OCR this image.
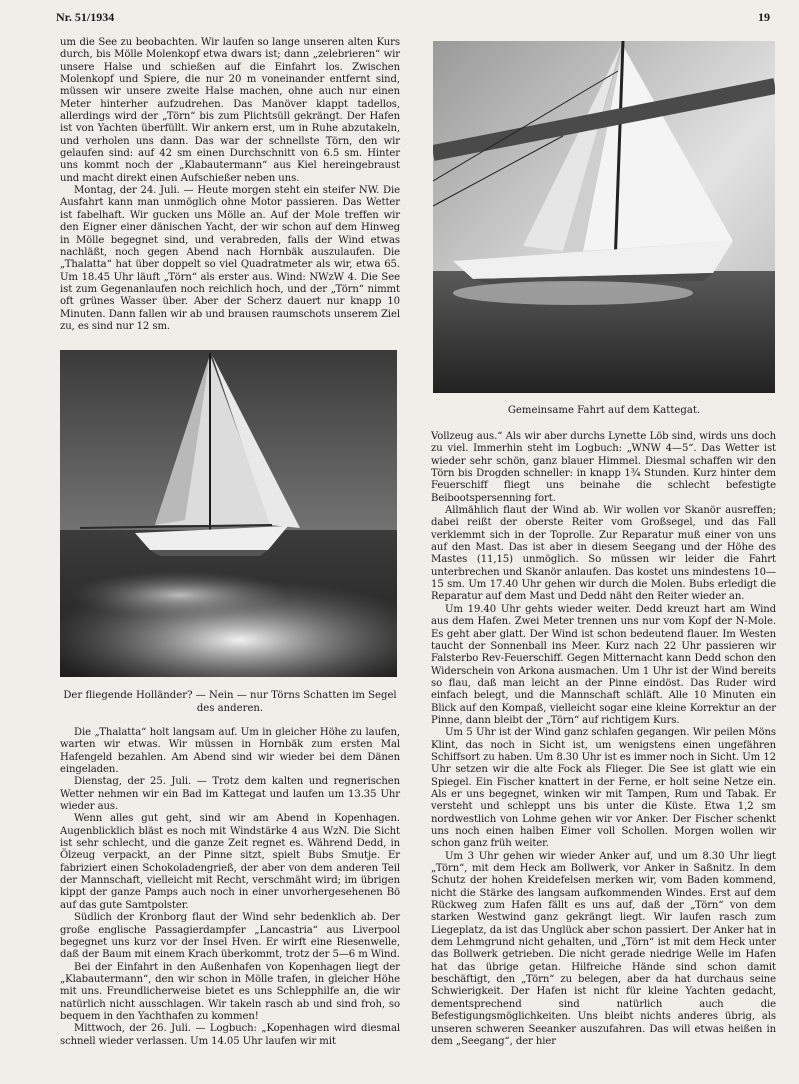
Nr. 51/1934	19

um die See zu beobachten. Wir laufen so lange unseren alten Kurs durch, bis Mölle Molenkopf etwa dwars ist; dann „zelebrieren“ wir unsere Halse und schießen auf die Einfahrt los. Zwischen Molenkopf und Spiere, die nur 20 m voneinander entfernt sind, müssen wir unsere zweite Halse machen, ohne auch nur einen Meter hinterher aufzudrehen. Das Manöver klappt tadellos, allerdings wird der „Törn“ bis zum Plichtsüll gekrängt. Der Hafen ist von Yachten überfüllt. Wir ankern erst, um in Ruhe abzutakeln, und verholen uns dann. Das war der schnellste Törn, den wir gelaufen sind: auf 42 sm einen Durchschnitt von 6.5 sm. Hinter uns kommt noch der „Klabautermann“ aus Kiel hereingebraust und macht direkt einen Aufschießer neben uns.

Montag, der 24. Juli. — Heute morgen steht ein steifer NW. Die Ausfahrt kann man unmöglich ohne Motor passieren. Das Wetter ist fabelhaft. Wir gucken uns Mölle an. Auf der Mole treffen wir den Eigner einer dänischen Yacht, der wir schon auf dem Hinweg in Mölle begegnet sind, und verabreden, falls der Wind etwas nachläßt, noch gegen Abend nach Hornbäk auszulaufen. Die „Thalatta“ hat über doppelt so viel Quadratmeter als wir, etwa 65. Um 18.45 Uhr läuft „Törn“ als erster aus. Wind: NWzW 4. Die See ist zum Gegenanlaufen noch reichlich hoch, und der „Törn“ nimmt oft grünes Wasser über. Aber der Scherz dauert nur knapp 10 Minuten. Dann fallen wir ab und brausen raumschots unserem Ziel zu, es sind nur 12 sm.

Der fliegende Holländer? — Nein — nur Törns Schatten im Segel des anderen.

Die „Thalatta“ holt langsam auf. Um in gleicher Höhe zu laufen, warten wir etwas. Wir müssen in Hornbäk zum ersten Mal Hafengeld bezahlen. Am Abend sind wir wieder bei dem Dänen eingeladen.

Dienstag, der 25. Juli. — Trotz dem kalten und regnerischen Wetter nehmen wir ein Bad im Kattegat und laufen um 13.35 Uhr wieder aus.

Wenn alles gut geht, sind wir am Abend in Kopenhagen. Augenblicklich bläst es noch mit Windstärke 4 aus WzN. Die Sicht ist sehr schlecht, und die ganze Zeit regnet es. Während Dedd, in Ölzeug verpackt, an der Pinne sitzt, spielt Bubs Smutje. Er fabriziert einen Schokoladengrieß, der aber von dem anderen Teil der Mannschaft, vielleicht mit Recht, verschmäht wird; im übrigen kippt der ganze Pamps auch noch in einer unvorhergesehenen Bö auf das gute Samtpolster.

Südlich der Kronborg flaut der Wind sehr bedenklich ab. Der große englische Passagierdampfer „Lancastria“ aus Liverpool begegnet uns kurz vor der Insel Hven. Er wirft eine Riesenwelle, daß der Baum mit einem Krach überkommt, trotz der 5—6 m Wind.

Bei der Einfahrt in den Außenhafen von Kopenhagen liegt der „Klabautermann“, den wir schon in Mölle trafen, in gleicher Höhe mit uns. Freundlicherweise bietet es uns Schlepphilfe an, die wir natürlich nicht ausschlagen. Wir takeln rasch ab und sind froh, so bequem in den Yachthafen zu kommen!

Mittwoch, der 26. Juli. — Logbuch: „Kopenhagen wird diesmal schnell wieder verlassen. Um 14.05 Uhr laufen wir mit

Gemeinsame Fahrt auf dem Kattegat.

Vollzeug aus.“ Als wir aber durchs Lynette Löb sind, wirds uns doch zu viel. Immerhin steht im Logbuch: „WNW 4—5“. Das Wetter ist wieder sehr schön, ganz blauer Himmel. Diesmal schaffen wir den Törn bis Drogden schneller: in knapp 1¾ Stunden. Kurz hinter dem Feuerschiff fliegt uns beinahe die schlecht befestigte Beibootspersenning fort.

Allmählich flaut der Wind ab. Wir wollen vor Skanör ausreffen; dabei reißt der oberste Reiter vom Großsegel, und das Fall verklemmt sich in der Toprolle. Zur Reparatur muß einer von uns auf den Mast. Das ist aber in diesem Seegang und der Höhe des Mastes (11,15) unmöglich. So müssen wir leider die Fahrt unterbrechen und Skanör anlaufen. Das kostet uns mindestens 10—15 sm. Um 17.40 Uhr gehen wir durch die Molen. Bubs erledigt die Reparatur auf dem Mast und Dedd näht den Reiter wieder an.

Um 19.40 Uhr gehts wieder weiter. Dedd kreuzt hart am Wind aus dem Hafen. Zwei Meter trennen uns nur vom Kopf der N-Mole. Es geht aber glatt. Der Wind ist schon bedeutend flauer. Im Westen taucht der Sonnenball ins Meer. Kurz nach 22 Uhr passieren wir Falsterbo Rev-Feuerschiff. Gegen Mitternacht kann Dedd schon den Widerschein von Arkona ausmachen. Um 1 Uhr ist der Wind bereits so flau, daß man leicht an der Pinne eindöst. Das Ruder wird einfach belegt, und die Mannschaft schläft. Alle 10 Minuten ein Blick auf den Kompaß, vielleicht sogar eine kleine Korrektur an der Pinne, dann bleibt der „Törn“ auf richtigem Kurs.

Um 5 Uhr ist der Wind ganz schlafen gegangen. Wir peilen Möns Klint, das noch in Sicht ist, um wenigstens einen ungefähren Schiffsort zu haben. Um 8.30 Uhr ist es immer noch in Sicht. Um 12 Uhr setzen wir die alte Fock als Flieger. Die See ist glatt wie ein Spiegel. Ein Fischer knattert in der Ferne, er holt seine Netze ein. Als er uns begegnet, winken wir mit Tampen, Rum und Tabak. Er versteht und schleppt uns bis unter die Küste. Etwa 1,2 sm nordwestlich von Lohme gehen wir vor Anker. Der Fischer schenkt uns noch einen halben Eimer voll Schollen. Morgen wollen wir schon ganz früh weiter.

Um 3 Uhr gehen wir wieder Anker auf, und um 8.30 Uhr liegt „Törn“, mit dem Heck am Bollwerk, vor Anker in Saßnitz. In dem Schutz der hohen Kreidefelsen merken wir, vom Baden kommend, nicht die Stärke des langsam aufkommenden Windes. Erst auf dem Rückweg zum Hafen fällt es uns auf, daß der „Törn“ von dem starken Westwind ganz gekrängt liegt. Wir laufen rasch zum Liegeplatz, da ist das Unglück aber schon passiert. Der Anker hat in dem Lehmgrund nicht gehalten, und „Törn“ ist mit dem Heck unter das Bollwerk getrieben. Die nicht gerade niedrige Welle im Hafen hat das übrige getan. Hilfreiche Hände sind schon damit beschäftigt, den „Törn“ zu belegen, aber da hat durchaus seine Schwierigkeit. Der Hafen ist nicht für kleine Yachten gedacht, dementsprechend sind natürlich auch die Befestigungsmöglichkeiten. Uns bleibt nichts anderes übrig, als unseren schweren Seeanker auszufahren. Das will etwas heißen in dem „Seegang“, der hier
